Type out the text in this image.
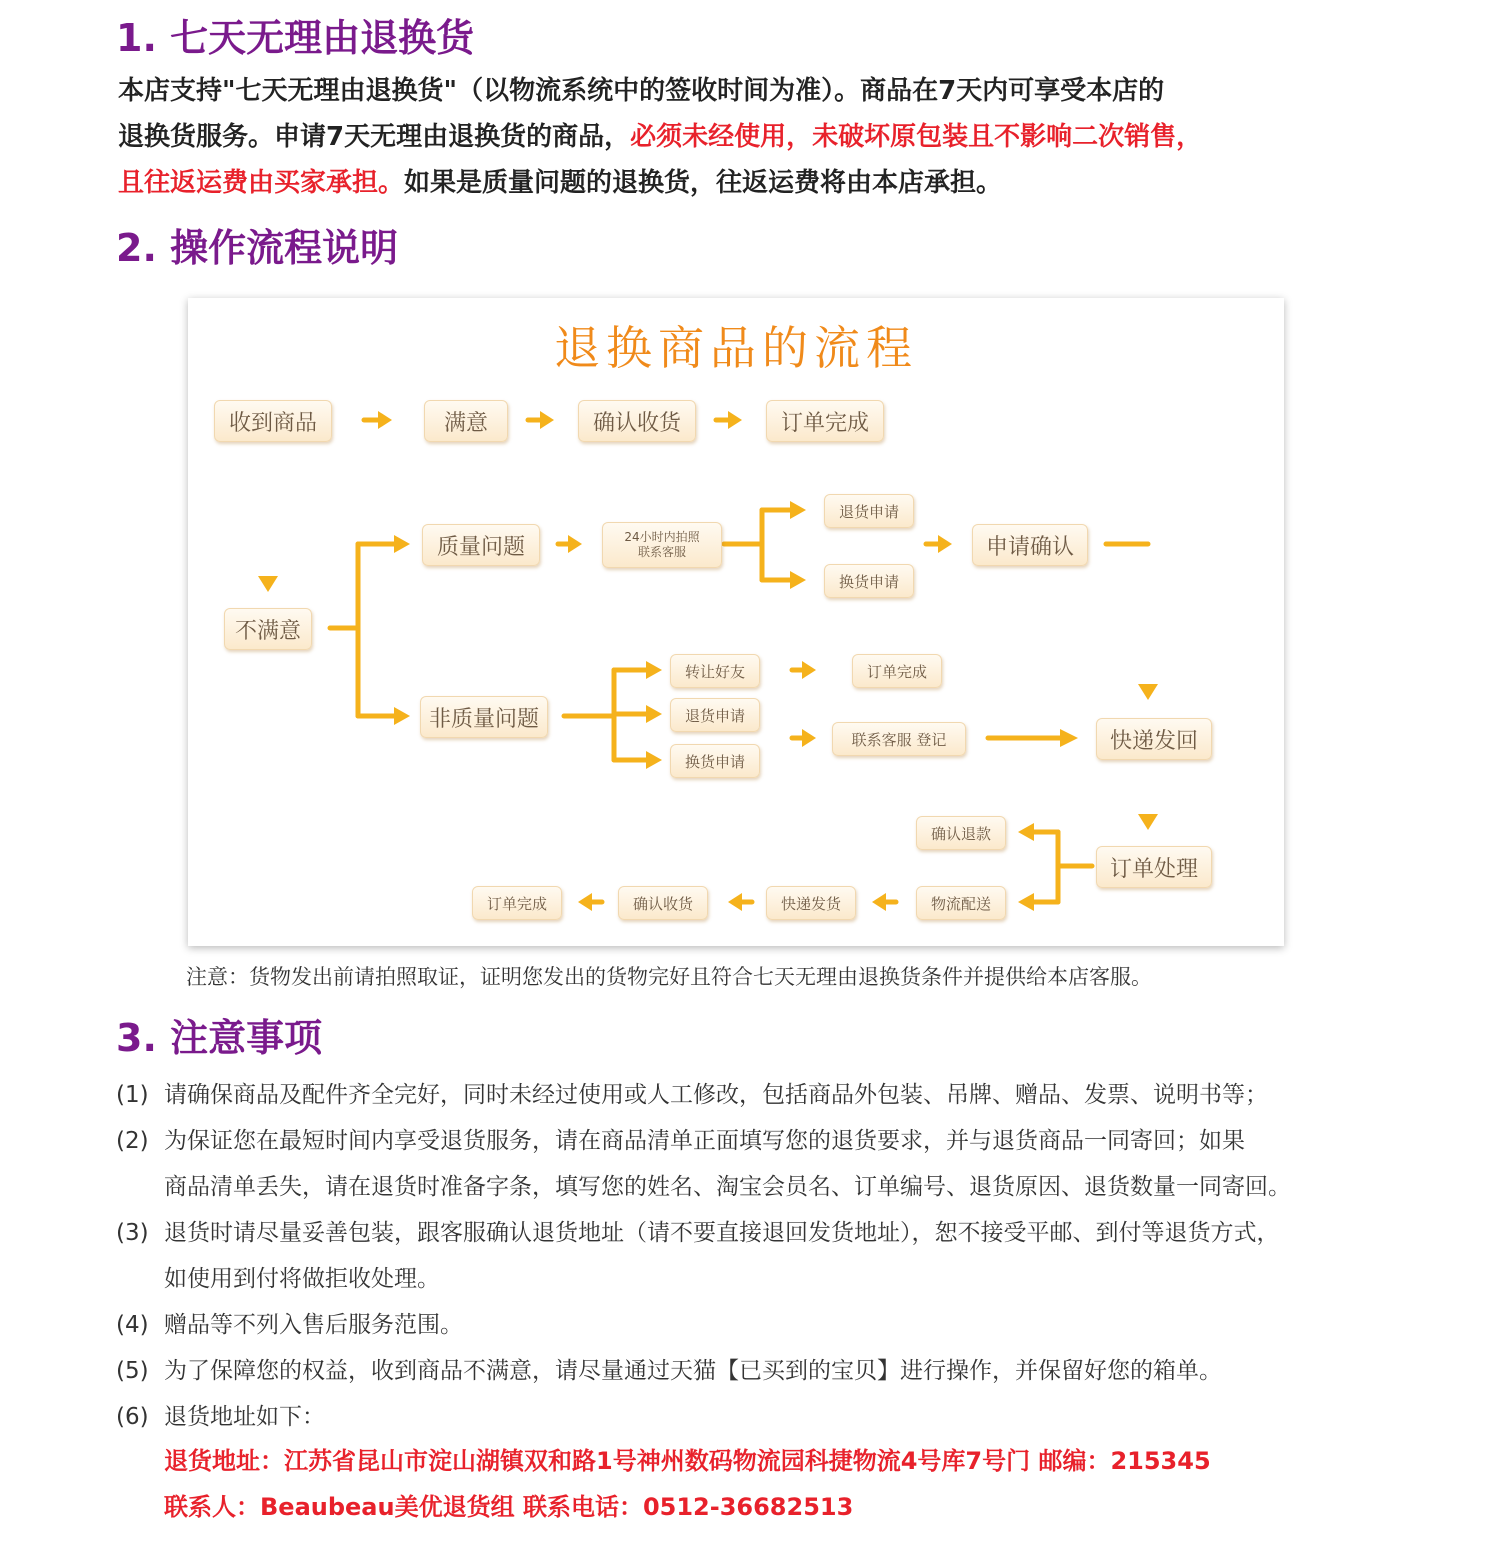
1. 七天无理由退换货
本店支持"七天无理由退换货"（以物流系统中的签收时间为准）。商品在7天内可享受本店的
退换货服务。申请7天无理由退换货的商品，必须未经使用，未破坏原包装且不影响二次销售，
且往返运费由买家承担。如果是质量问题的退换货，往返运费将由本店承担。
2. 操作流程说明
退换商品的流程
收到商品	满意	确认收货	订单完成
不满意
质量问题	24小时内拍照
联系客服
退货申请
换货申请
申请确认
非质量问题
转让好友
退货申请
换货申请
订单完成
联系客服 登记	快递发回
订单处理
确认退款
物流配送
快递发货
确认收货
订单完成
注意：货物发出前请拍照取证，证明您发出的货物完好且符合七天无理由退换货条件并提供给本店客服。
3. 注意事项
(1) 请确保商品及配件齐全完好，同时未经过使用或人工修改，包括商品外包装、吊牌、赠品、发票、说明书等；
(2) 为保证您在最短时间内享受退货服务，请在商品清单正面填写您的退货要求，并与退货商品一同寄回；如果
商品清单丢失，请在退货时准备字条，填写您的姓名、淘宝会员名、订单编号、退货原因、退货数量一同寄回。
(3) 退货时请尽量妥善包装，跟客服确认退货地址（请不要直接退回发货地址），恕不接受平邮、到付等退货方式，
如使用到付将做拒收处理。
(4) 赠品等不列入售后服务范围。
(5) 为了保障您的权益，收到商品不满意，请尽量通过天猫【已买到的宝贝】进行操作，并保留好您的箱单。
(6) 退货地址如下：
退货地址：江苏省昆山市淀山湖镇双和路1号神州数码物流园科捷物流4号库7号门 邮编：215345
联系人：Beaubeau美优退货组 联系电话：0512-36682513
